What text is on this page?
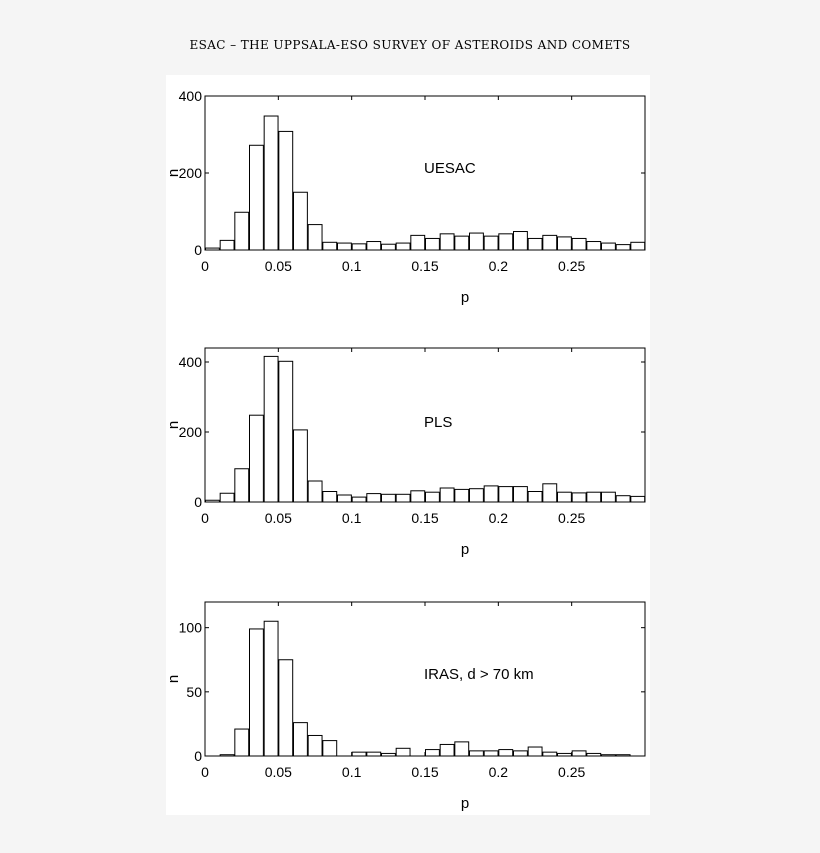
ESAC – THE UPPSALA-ESO SURVEY OF ASTEROIDS AND COMETS
0	0.05	0.1	0.15	0.2	0.25
0
200
400
p
n	UESAC
0	0.05	0.1	0.15	0.2	0.25
0
200
400
p
n	PLS
0	0.05	0.1	0.15	0.2	0.25
0
50
100
p
n	IRAS, d > 70 km
